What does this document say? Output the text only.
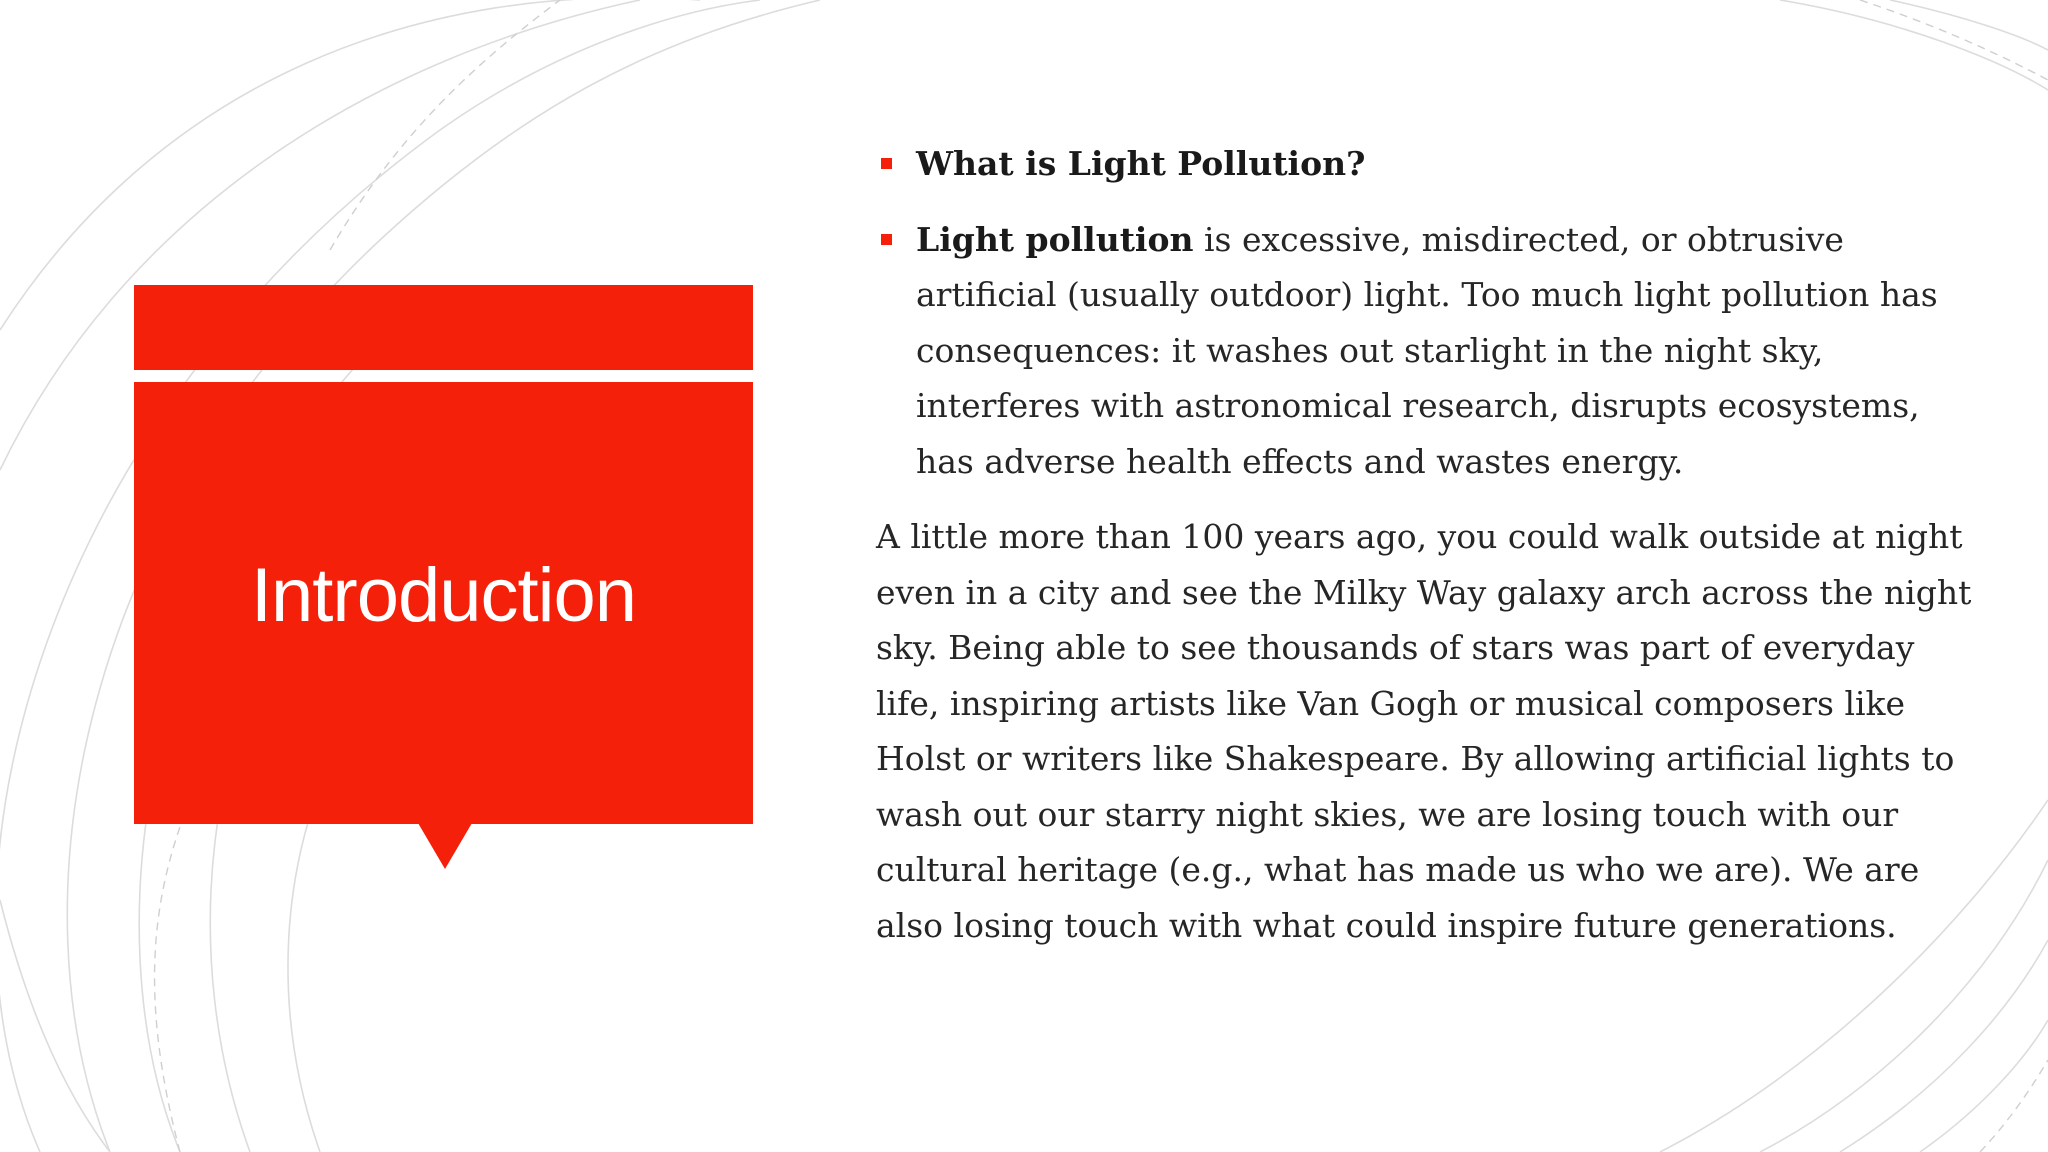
Introduction
What is Light Pollution?
Light pollution is excessive, misdirected, or obtrusive artificial (usually outdoor) light. Too much light pollution has consequences: it washes out starlight in the night sky, interferes with astronomical research, disrupts ecosystems, has adverse health effects and wastes energy.

A little more than 100 years ago, you could walk outside at night even in a city and see the Milky Way galaxy arch across the night sky. Being able to see thousands of stars was part of everyday life, inspiring artists like Van Gogh or musical composers like Holst or writers like Shakespeare. By allowing artificial lights to wash out our starry night skies, we are losing touch with our cultural heritage (e.g., what has made us who we are). We are also losing touch with what could inspire future generations.
